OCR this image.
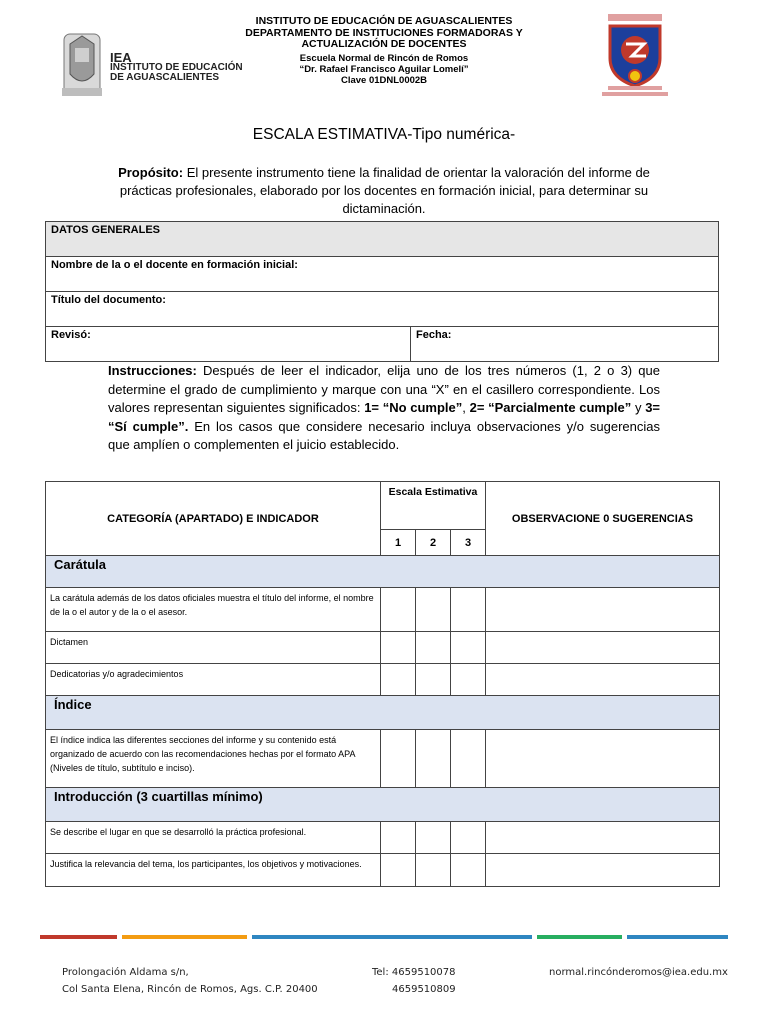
IEA
INSTITUTO DE EDUCACIÓN
DE AGUASCALIENTES
INSTITUTO DE EDUCACIÓN DE AGUASCALIENTES
DEPARTAMENTO DE INSTITUCIONES FORMADORAS Y
ACTUALIZACIÓN DE DOCENTES
Escuela Normal de Rincón de Romos
“Dr. Rafael Francisco Aguilar Lomelí”
Clave 01DNL0002B
ESCALA ESTIMATIVA-Tipo numérica-
Propósito: El presente instrumento tiene la finalidad de orientar la valoración del informe de prácticas profesionales, elaborado por los docentes en formación inicial, para determinar su dictaminación.
DATOS GENERALES
Nombre de la o el docente en formación inicial:
Título del documento:
Revisó:	Fecha:
Instrucciones: Después de leer el indicador, elija uno de los tres números (1, 2 o 3) que determine el grado de cumplimiento y marque con una “X” en el casillero correspondiente. Los valores representan siguientes significados: 1= “No cumple”, 2= “Parcialmente cumple” y 3= “Sí cumple”. En los casos que considere necesario incluya observaciones y/o sugerencias que amplíen o complementen el juicio establecido.
CATEGORÍA (APARTADO) E INDICADOR	Escala Estimativa			OBSERVACIONE 0 SUGERENCIAS
	1	2	3	
Carátula				
La carátula además de los datos oficiales muestra el título del informe, el nombre de la o el autor y de la o el asesor.				
Dictamen				
Dedicatorias y/o agradecimientos				
Índice				
El índice indica las diferentes secciones del informe y su contenido está organizado de acuerdo con las recomendaciones hechas por el formato APA (Niveles de título, subtítulo e inciso).				
Introducción (3 cuartillas mínimo)				
Se describe el lugar en que se desarrolló la práctica profesional.				
Justifica la relevancia del tema, los participantes, los objetivos y motivaciones.				
Prolongación Aldama s/n,
Col Santa Elena, Rincón de Romos, Ags. C.P. 20400
Tel: 4659510078
4659510809
normal.rincónderomos@iea.edu.mx
